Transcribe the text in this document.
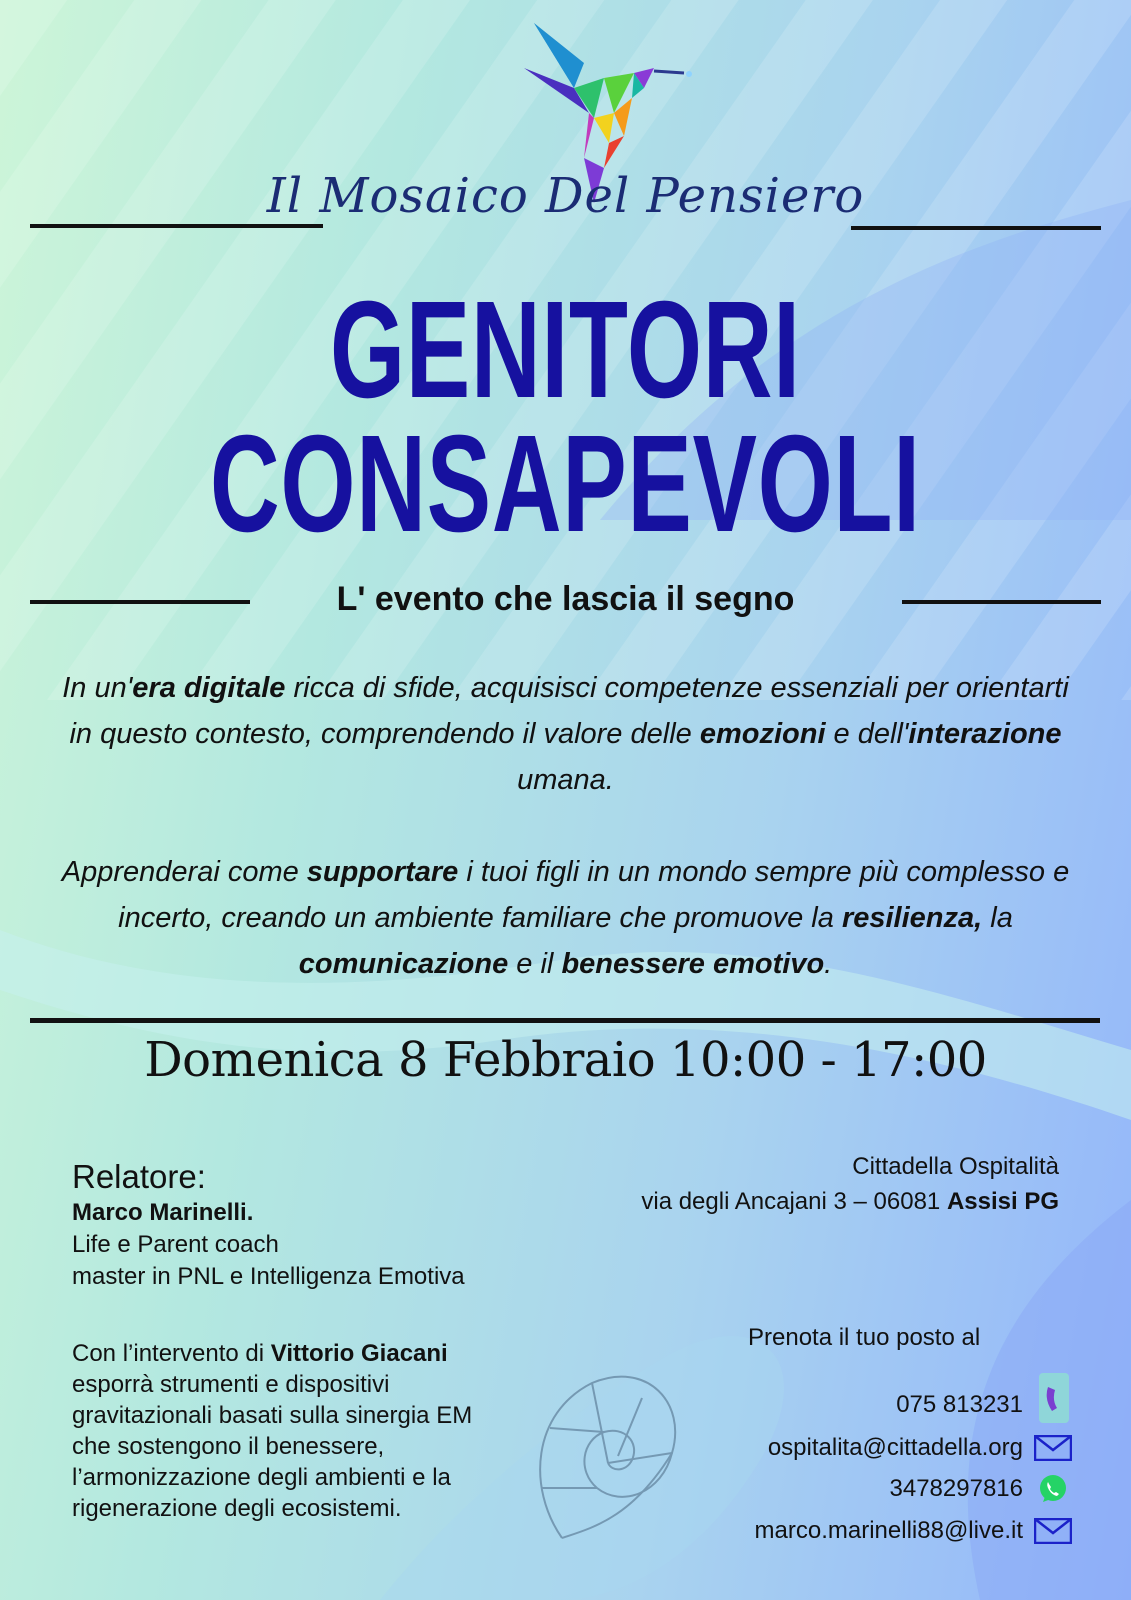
Il Mosaico Del Pensiero
GENITORI
CONSAPEVOLI
L' evento che lascia il segno
In un'era digitale ricca di sfide, acquisisci competenze essenziali per orientarti in questo contesto, comprendendo il valore delle emozioni e dell'interazione umana.
Apprenderai come supportare i tuoi figli in un mondo sempre più complesso e incerto, creando un ambiente familiare che promuove la resilienza, la comunicazione e il benessere emotivo.
Domenica 8 Febbraio 10:00 - 17:00
Relatore:
Marco Marinelli.
Life e Parent coach
master in PNL e Intelligenza Emotiva
Con l’intervento di Vittorio Giacani
esporrà strumenti e dispositivi
gravitazionali basati sulla sinergia EM
che sostengono il benessere,
l’armonizzazione degli ambienti e la
rigenerazione degli ecosistemi.
Cittadella Ospitalità
via degli Ancajani 3 – 06081 Assisi PG
Prenota il tuo posto al
075 813231
ospitalita@cittadella.org
3478297816
marco.marinelli88@live.it
